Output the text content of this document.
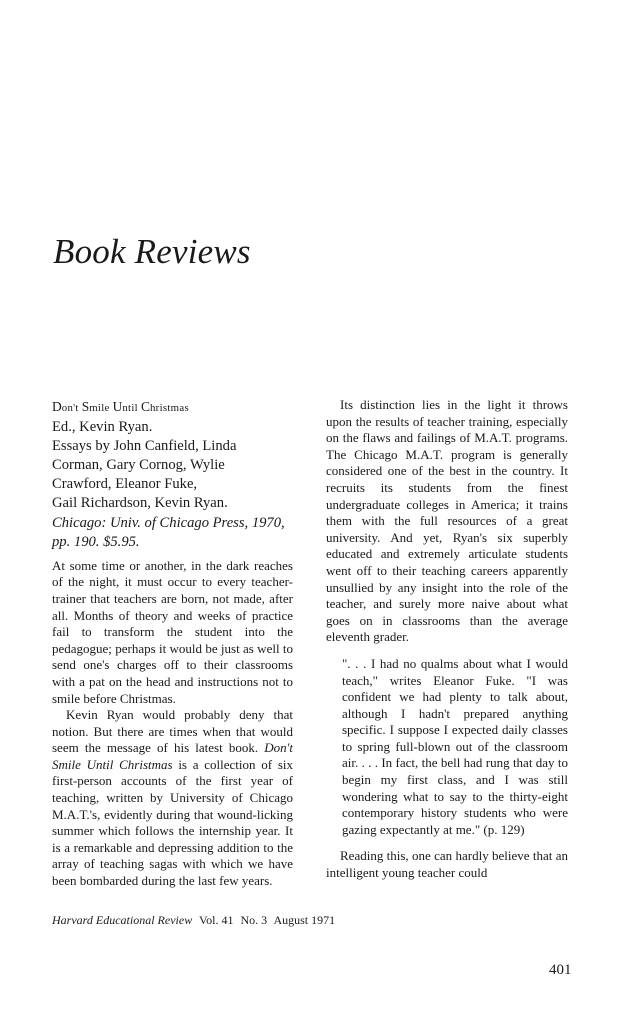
Book Reviews
Don't Smile Until Christmas
Ed., Kevin Ryan.
Essays by John Canfield, Linda
Corman, Gary Cornog, Wylie
Crawford, Eleanor Fuke,
Gail Richardson, Kevin Ryan.
Chicago: Univ. of Chicago Press, 1970,
pp. 190. $5.95.

At some time or another, in the dark reaches of the night, it must occur to every teacher-trainer that teachers are born, not made, after all. Months of theory and weeks of practice fail to transform the student into the pedagogue; perhaps it would be just as well to send one's charges off to their classrooms with a pat on the head and instructions not to smile before Christmas.

Kevin Ryan would probably deny that notion. But there are times when that would seem the message of his latest book. Don't Smile Until Christmas is a collection of six first-person accounts of the first year of teaching, written by University of Chicago M.A.T.'s, evidently during that wound-licking summer which follows the internship year. It is a remarkable and depressing addition to the array of teaching sagas with which we have been bombarded during the last few years.

Its distinction lies in the light it throws upon the results of teacher training, especially on the flaws and failings of M.A.T. programs. The Chicago M.A.T. program is generally considered one of the best in the country. It recruits its students from the finest undergraduate colleges in America; it trains them with the full resources of a great university. And yet, Ryan's six superbly educated and extremely articulate students went off to their teaching careers apparently unsullied by any insight into the role of the teacher, and surely more naive about what goes on in classrooms than the average eleventh grader.

". . . I had no qualms about what I would teach," writes Eleanor Fuke. "I was confident we had plenty to talk about, although I hadn't prepared anything specific. I suppose I expected daily classes to spring full-blown out of the classroom air. . . . In fact, the bell had rung that day to begin my first class, and I was still wondering what to say to the thirty-eight contemporary history students who were gazing expectantly at me." (p. 129)

Reading this, one can hardly believe that an intelligent young teacher could

Harvard Educational Review Vol. 41 No. 3 August 1971
401
